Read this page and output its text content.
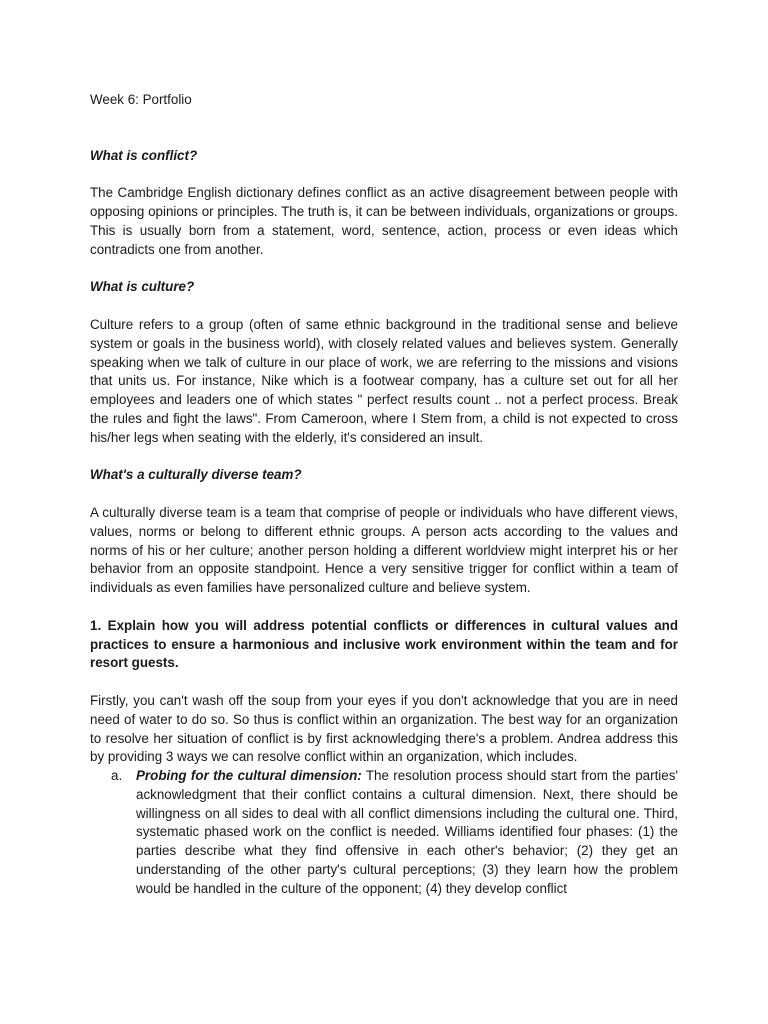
Week 6: Portfolio

What is conflict?

The Cambridge English dictionary defines conflict as an active disagreement between people with opposing opinions or principles. The truth is, it can be between individuals, organizations or groups. This is usually born from a statement, word, sentence, action, process or even ideas which contradicts one from another.

What is culture?

Culture refers to a group (often of same ethnic background in the traditional sense and believe system or goals in the business world), with closely related values and believes system. Generally speaking when we talk of culture in our place of work, we are referring to the missions and visions that units us. For instance, Nike which is a footwear company, has a culture set out for all her employees and leaders one of which states " perfect results count .. not a perfect process. Break the rules and fight the laws". From Cameroon, where I Stem from, a child is not expected to cross his/her legs when seating with the elderly, it's considered an insult.

What's a culturally diverse team?

A culturally diverse team is a team that comprise of people or individuals who have different views, values, norms or belong to different ethnic groups. A person acts according to the values and norms of his or her culture; another person holding a different worldview might interpret his or her behavior from an opposite standpoint. Hence a very sensitive trigger for conflict within a team of individuals as even families have personalized culture and believe system.

1. Explain how you will address potential conflicts or differences in cultural values and practices to ensure a harmonious and inclusive work environment within the team and for resort guests.

Firstly, you can't wash off the soup from your eyes if you don't acknowledge that you are in need need of water to do so. So thus is conflict within an organization. The best way for an organization to resolve her situation of conflict is by first acknowledging there's a problem. Andrea address this by providing 3 ways we can resolve conflict within an organization, which includes.

a. Probing for the cultural dimension: The resolution process should start from the parties' acknowledgment that their conflict contains a cultural dimension. Next, there should be willingness on all sides to deal with all conflict dimensions including the cultural one. Third, systematic phased work on the conflict is needed. Williams identified four phases: (1) the parties describe what they find offensive in each other's behavior; (2) they get an understanding of the other party's cultural perceptions; (3) they learn how the problem would be handled in the culture of the opponent; (4) they develop conflict
